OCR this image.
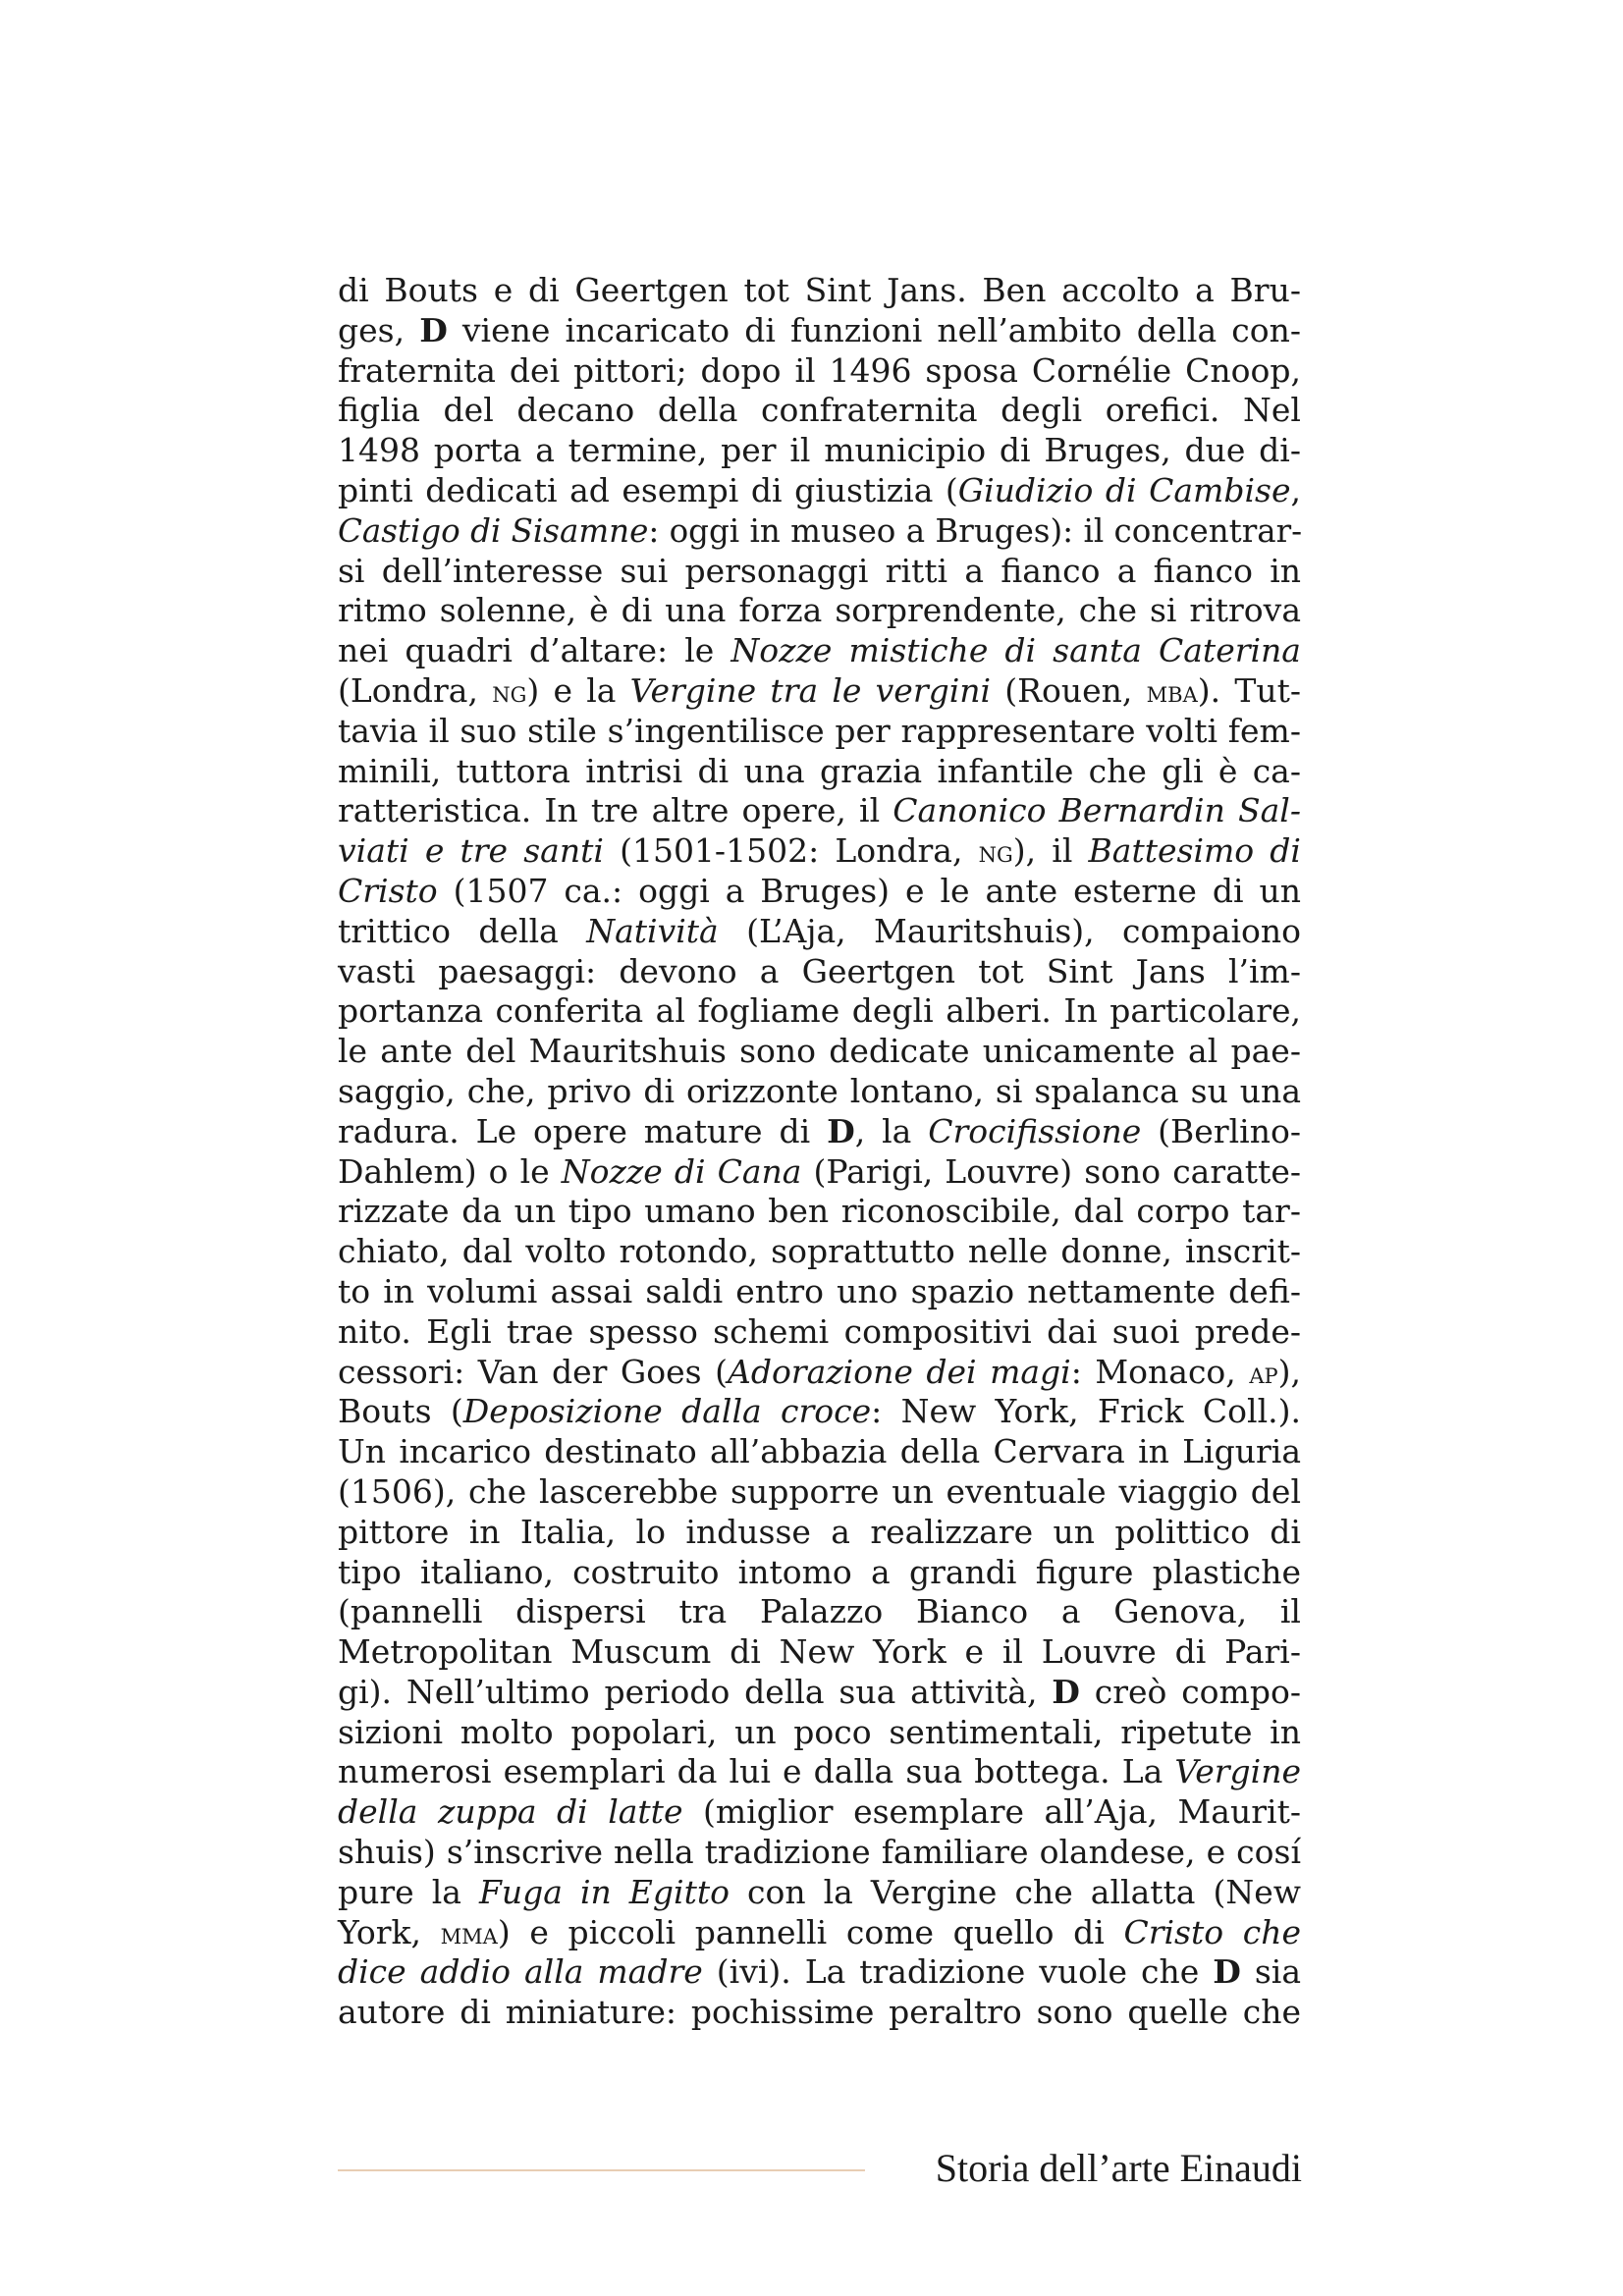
di Bouts e di Geertgen tot Sint Jans. Ben accolto a Bru-
ges, D viene incaricato di funzioni nell’ambito della con-
fraternita dei pittori; dopo il 1496 sposa Cornélie Cnoop,
figlia del decano della confraternita degli orefici. Nel
1498 porta a termine, per il municipio di Bruges, due di-
pinti dedicati ad esempi di giustizia (Giudizio di Cambise,
Castigo di Sisamne: oggi in museo a Bruges): il concentrar-
si dell’interesse sui personaggi ritti a fianco a fianco in
ritmo solenne, è di una forza sorprendente, che si ritrova
nei quadri d’altare: le Nozze mistiche di santa Caterina
(Londra, ng) e la Vergine tra le vergini (Rouen, mba). Tut-
tavia il suo stile s’ingentilisce per rappresentare volti fem-
minili, tuttora intrisi di una grazia infantile che gli è ca-
ratteristica. In tre altre opere, il Canonico Bernardin Sal-
viati e tre santi (1501-1502: Londra, ng), il Battesimo di
Cristo (1507 ca.: oggi a Bruges) e le ante esterne di un
trittico della Natività (L’Aja, Mauritshuis), compaiono
vasti paesaggi: devono a Geertgen tot Sint Jans l’im-
portanza conferita al fogliame degli alberi. In particolare,
le ante del Mauritshuis sono dedicate unicamente al pae-
saggio, che, privo di orizzonte lontano, si spalanca su una
radura. Le opere mature di D, la Crocifissione (Berlino-
Dahlem) o le Nozze di Cana (Parigi, Louvre) sono caratte-
rizzate da un tipo umano ben riconoscibile, dal corpo tar-
chiato, dal volto rotondo, soprattutto nelle donne, inscrit-
to in volumi assai saldi entro uno spazio nettamente defi-
nito. Egli trae spesso schemi compositivi dai suoi prede-
cessori: Van der Goes (Adorazione dei magi: Monaco, ap),
Bouts (Deposizione dalla croce: New York, Frick Coll.).
Un incarico destinato all’abbazia della Cervara in Liguria
(1506), che lascerebbe supporre un eventuale viaggio del
pittore in Italia, lo indusse a realizzare un polittico di
tipo italiano, costruito intomo a grandi figure plastiche
(pannelli dispersi tra Palazzo Bianco a Genova, il
Metropolitan Muscum di New York e il Louvre di Pari-
gi). Nell’ultimo periodo della sua attività, D creò compo-
sizioni molto popolari, un poco sentimentali, ripetute in
numerosi esemplari da lui e dalla sua bottega. La Vergine
della zuppa di latte (miglior esemplare all’Aja, Maurit-
shuis) s’inscrive nella tradizione familiare olandese, e cosí
pure la Fuga in Egitto con la Vergine che allatta (New
York, mma) e piccoli pannelli come quello di Cristo che
dice addio alla madre (ivi). La tradizione vuole che D sia
autore di miniature: pochissime peraltro sono quelle che
Storia dell’arte Einaudi
